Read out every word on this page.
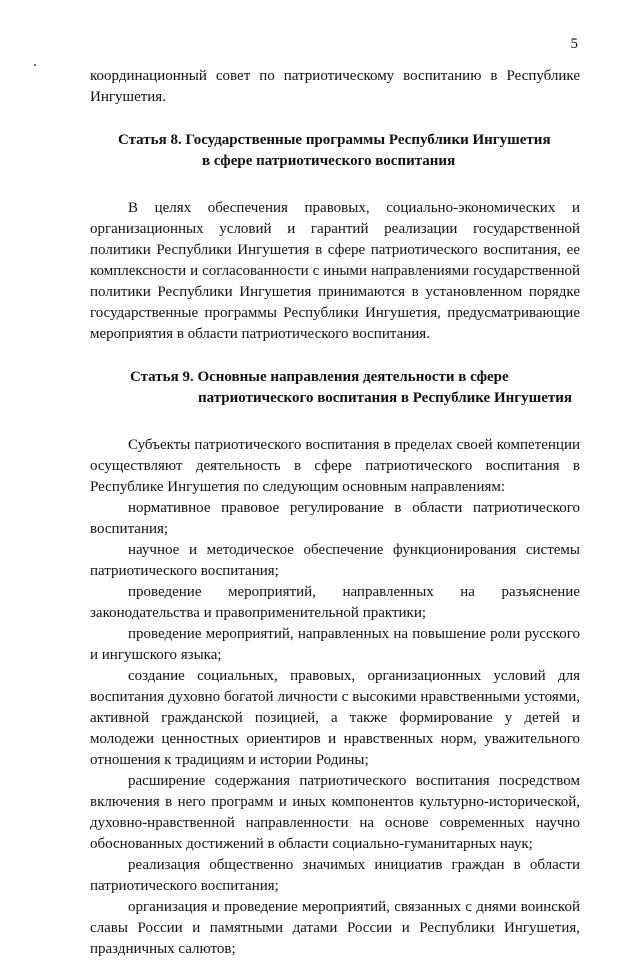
5

координационный совет по патриотическому воспитанию в Республике Ингушетия.

Статья 8. Государственные программы Республики Ингушетия
в сфере патриотического воспитания

В целях обеспечения правовых, социально-экономических и организационных условий и гарантий реализации государственной политики Республики Ингушетия в сфере патриотического воспитания, ее комплексности и согласованности с иными направлениями государственной политики Республики Ингушетия принимаются в установленном порядке государственные программы Республики Ингушетия, предусматривающие мероприятия в области патриотического воспитания.

Статья 9. Основные направления деятельности в сфере
патриотического воспитания в Республике Ингушетия

Субъекты патриотического воспитания в пределах своей компетенции осуществляют деятельность в сфере патриотического воспитания в Республике Ингушетия по следующим основным направлениям:

нормативное правовое регулирование в области патриотического воспитания;

научное и методическое обеспечение функционирования системы патриотического воспитания;

проведение мероприятий, направленных на разъяснение законодательства и правоприменительной практики;

проведение мероприятий, направленных на повышение роли русского и ингушского языка;

создание социальных, правовых, организационных условий для воспитания духовно богатой личности с высокими нравственными устоями, активной гражданской позицией, а также формирование у детей и молодежи ценностных ориентиров и нравственных норм, уважительного отношения к традициям и истории Родины;

расширение содержания патриотического воспитания посредством включения в него программ и иных компонентов культурно-исторической, духовно-нравственной направленности на основе современных научно обоснованных достижений в области социально-гуманитарных наук;

реализация общественно значимых инициатив граждан в области патриотического воспитания;

организация и проведение мероприятий, связанных с днями воинской славы России и памятными датами России и Республики Ингушетия, праздничных салютов;
